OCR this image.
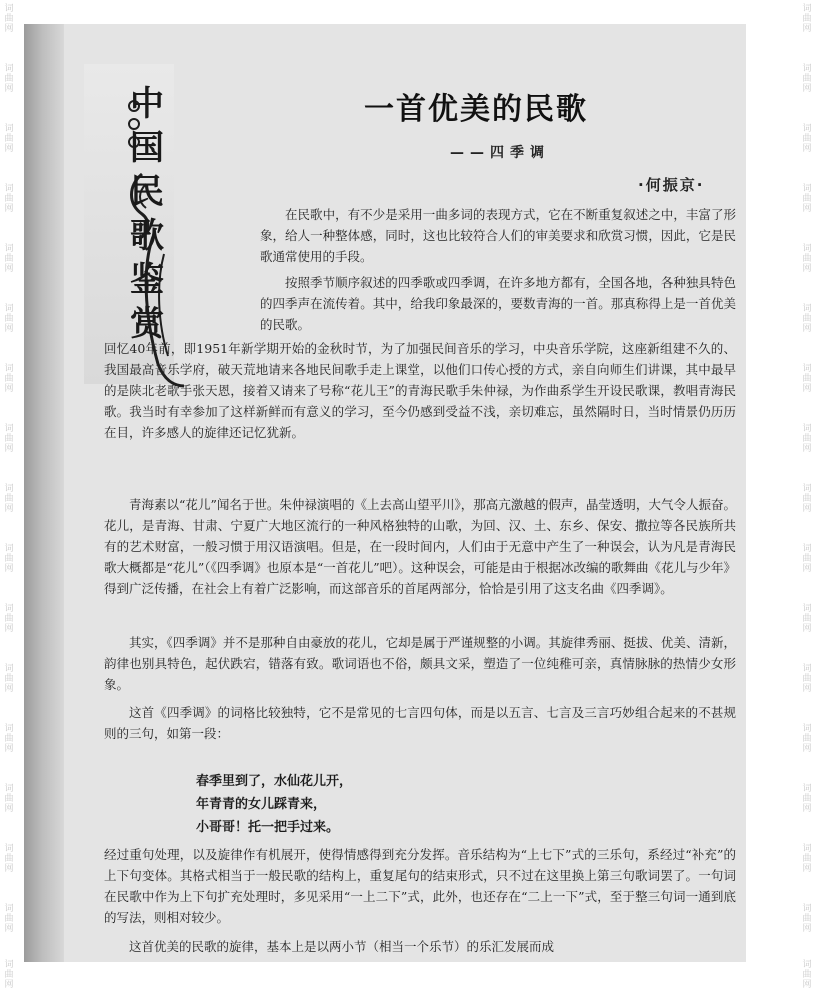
词曲网
词曲网
词曲网
词曲网
词曲网
词曲网
词曲网
词曲网
词曲网
词曲网
词曲网
词曲网
词曲网
词曲网
词曲网
词曲网
词曲网
词曲网
词曲网
词曲网
词曲网
词曲网
词曲网
词曲网
词曲网
词曲网
词曲网
词曲网
词曲网
词曲网
词曲网
词曲网
词曲网
词曲网
中国民歌鉴赏
一首优美的民歌
——四季调
·何振京·

在民歌中，有不少是采用一曲多词的表现方式，它在不断重复叙述之中，丰富了形象，给人一种整体感，同时，这也比较符合人们的审美要求和欣赏习惯，因此，它是民歌通常使用的手段。

按照季节顺序叙述的四季歌或四季调，在许多地方都有，全国各地，各种独具特色的四季声在流传着。其中，给我印象最深的，要数青海的一首。那真称得上是一首优美的民歌。

回忆40年前，即1951年新学期开始的金秋时节，为了加强民间音乐的学习，中央音乐学院，这座新组建不久的、我国最高音乐学府，破天荒地请来各地民间歌手走上课堂，以他们口传心授的方式，亲自向师生们讲课，其中最早的是陕北老歌手张天恩，接着又请来了号称“花儿王”的青海民歌手朱仲禄，为作曲系学生开设民歌课，教唱青海民歌。我当时有幸参加了这样新鲜而有意义的学习，至今仍感到受益不浅，亲切难忘，虽然隔时日，当时情景仍历历在目，许多感人的旋律还记忆犹新。

青海素以“花儿”闻名于世。朱仲禄演唱的《上去高山望平川》，那高亢激越的假声，晶莹透明，大气令人振奋。花儿，是青海、甘肃、宁夏广大地区流行的一种风格独特的山歌，为回、汉、土、东乡、保安、撒拉等各民族所共有的艺术财富，一般习惯于用汉语演唱。但是，在一段时间内，人们由于无意中产生了一种误会，认为凡是青海民歌大概都是“花儿”（《四季调》也原本是“一首花儿”吧）。这种误会，可能是由于根据冰改编的歌舞曲《花儿与少年》得到广泛传播，在社会上有着广泛影响，而这部音乐的首尾两部分，恰恰是引用了这支名曲《四季调》。

其实，《四季调》并不是那种自由豪放的花儿，它却是属于严谨规整的小调。其旋律秀丽、挺拔、优美、清新，韵律也别具特色，起伏跌宕，错落有致。歌词语也不俗，颇具文采，塑造了一位纯稚可亲，真情脉脉的热情少女形象。

这首《四季调》的词格比较独特，它不是常见的七言四句体，而是以五言、七言及三言巧妙组合起来的不甚规则的三句，如第一段：

春季里到了，水仙花儿开，
年青青的女儿踩青来，
小哥哥！托一把手过来。

经过重句处理，以及旋律作有机展开，使得情感得到充分发挥。音乐结构为“上七下”式的三乐句，系经过“补充”的上下句变体。其格式相当于一般民歌的结构上，重复尾句的结束形式，只不过在这里换上第三句歌词罢了。一句词在民歌中作为上下句扩充处理时，多见采用“一上二下”式，此外，也还存在“二上一下”式，至于整三句词一通到底的写法，则相对较少。

这首优美的民歌的旋律，基本上是以两小节（相当一个乐节）的乐汇发展而成
